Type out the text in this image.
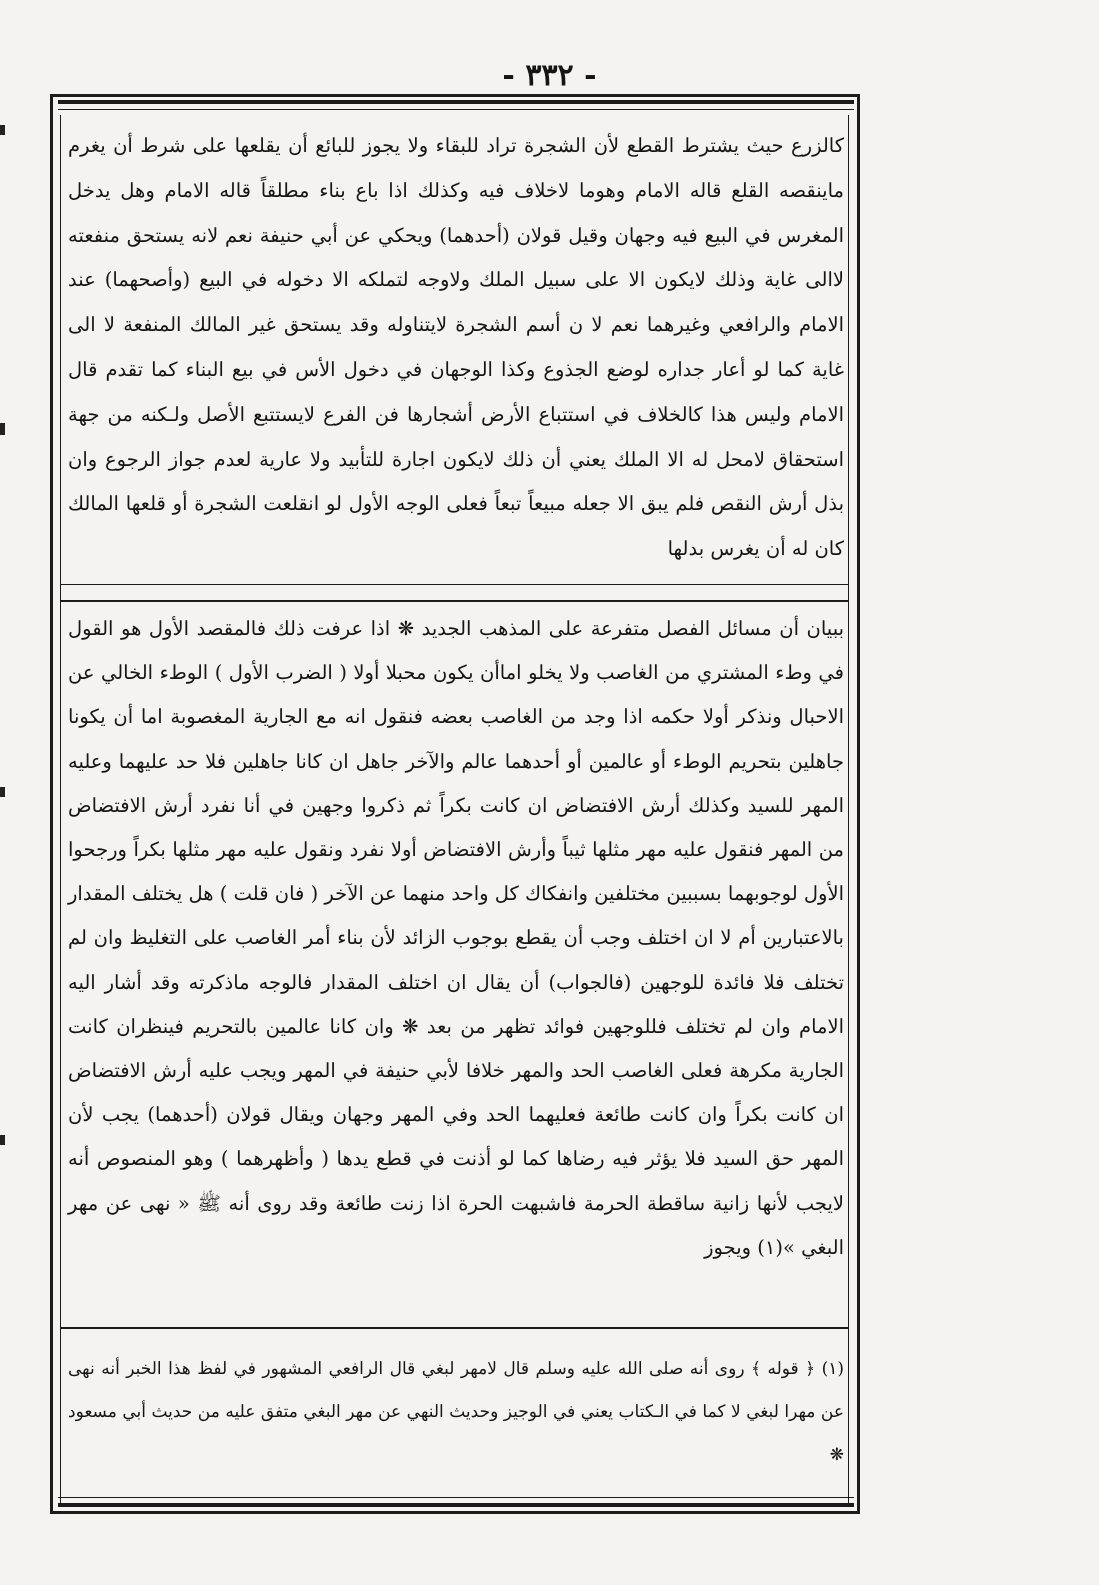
- ٣٣٢ -

كالزرع حيث يشترط القطع لأن الشجرة تراد للبقاء ولا يجوز للبائع أن يقلعها على شرط أن يغرم ماينقصه القلع قاله الامام وهوما لاخلاف فيه وكذلك اذا باع بناء مطلقاً قاله الامام وهل يدخل المغرس في البيع فيه وجهان وقيل قولان (أحدهما) ويحكي عن أبي حنيفة نعم لانه يستحق منفعته لاالى غاية وذلك لايكون الا على سبيل الملك ولاوجه لتملكه الا دخوله في البيع (وأصحهما) عند الامام والرافعي وغيرهما نعم لا ن أسم الشجرة لايتناوله وقد يستحق غير المالك المنفعة لا الى غاية كما لو أعار جداره لوضع الجذوع وكذا الوجهان في دخول الأس في بيع البناء كما تقدم قال الامام وليس هذا كالخلاف في استتباع الأرض أشجارها فن الفرع لايستتبع الأصل ولـكنه من جهة استحقاق لامحل له الا الملك يعني أن ذلك لايكون اجارة للتأبيد ولا عارية لعدم جواز الرجوع وان بذل أرش النقص فلم يبق الا جعله مبيعاً تبعاً فعلى الوجه الأول لو انقلعت الشجرة أو قلعها المالك كان له أن يغرس بدلها

ببيان أن مسائل الفصل متفرعة على المذهب الجديد ❋ اذا عرفت ذلك فالمقصد الأول هو القول في وطء المشتري من الغاصب ولا يخلو اماأن يكون محبلا أولا ( الضرب الأول ) الوطء الخالي عن الاحبال ونذكر أولا حكمه اذا وجد من الغاصب بعضه فنقول انه مع الجارية المغصوبة اما أن يكونا جاهلين بتحريم الوطء أو عالمين أو أحدهما عالم والآخر جاهل ان كانا جاهلين فلا حد عليهما وعليه المهر للسيد وكذلك أرش الافتضاض ان كانت بكراً ثم ذكروا وجهين في أنا نفرد أرش الافتضاض من المهر فنقول عليه مهر مثلها ثيباً وأرش الافتضاض أولا نفرد ونقول عليه مهر مثلها بكراً ورجحوا الأول لوجوبهما بسببين مختلفين وانفكاك كل واحد منهما عن الآخر ( فان قلت ) هل يختلف المقدار بالاعتبارين أم لا ان اختلف وجب أن يقطع بوجوب الزائد لأن بناء أمر الغاصب على التغليظ وان لم تختلف فلا فائدة للوجهين (فالجواب) أن يقال ان اختلف المقدار فالوجه ماذكرته وقد أشار اليه الامام وان لم تختلف فللوجهين فوائد تظهر من بعد ❋ وان كانا عالمين بالتحريم فينظران كانت الجارية مكرهة فعلى الغاصب الحد والمهر خلافا لأبي حنيفة في المهر ويجب عليه أرش الافتضاض ان كانت بكراً وان كانت طائعة فعليهما الحد وفي المهر وجهان ويقال قولان (أحدهما) يجب لأن المهر حق السيد فلا يؤثر فيه رضاها كما لو أذنت في قطع يدها ( وأظهرهما ) وهو المنصوص أنه لايجب لأنها زانية ساقطة الحرمة فاشبهت الحرة اذا زنت طائعة وقد روى أنه ﷺ « نهى عن مهر البغي »(١) ويجوز

(١) ﴿ قوله ﴾ روى أنه صلى الله عليه وسلم قال لامهر لبغي قال الرافعي المشهور في لفظ هذا الخبر أنه نهى عن مهرا لبغي لا كما في الـكتاب يعني في الوجيز وحديث النهي عن مهر البغي متفق عليه من حديث أبي مسعود ❋
